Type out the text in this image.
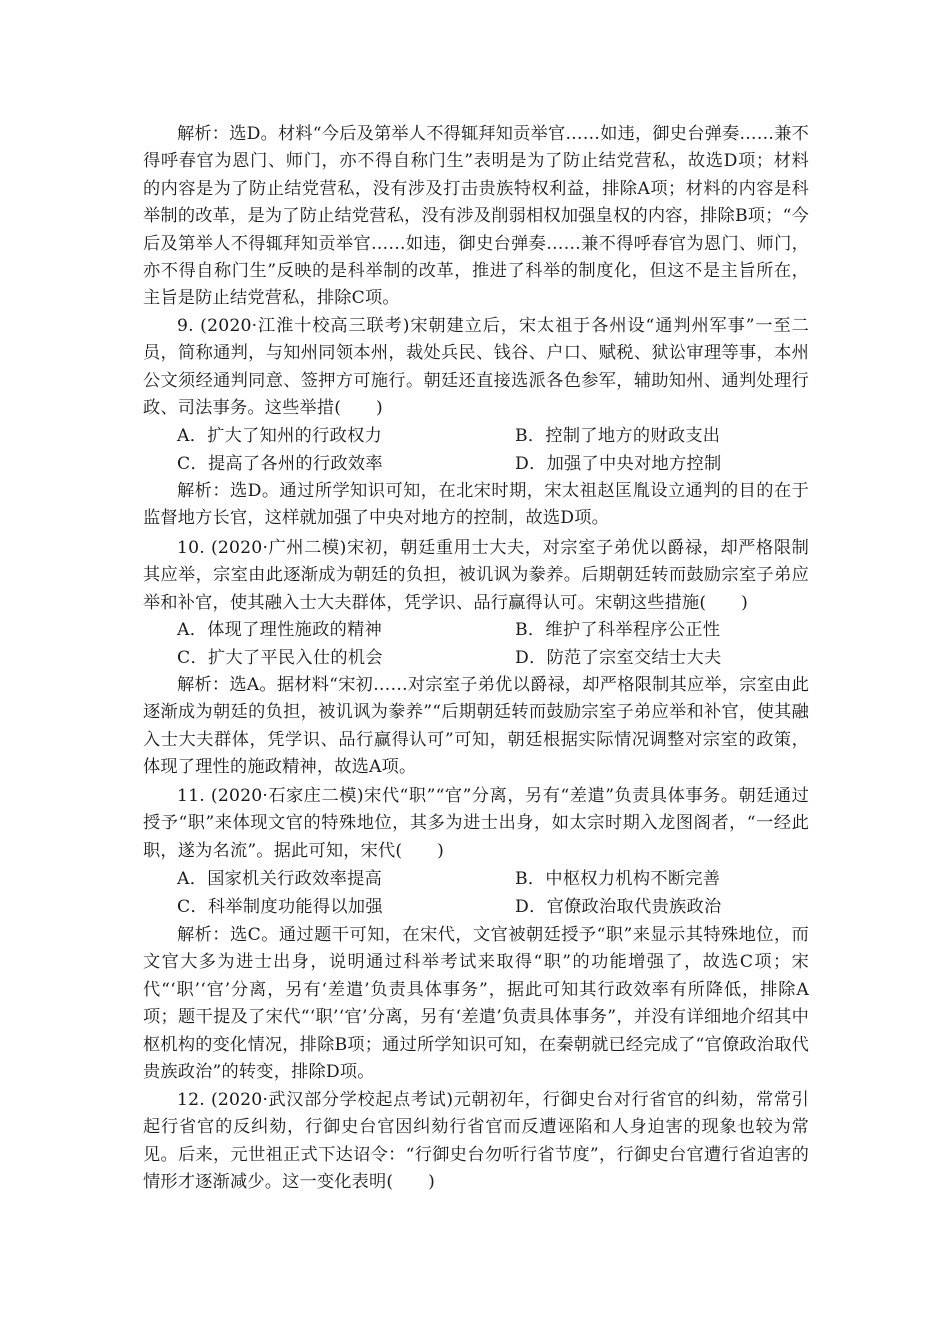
解析：选D。材料“今后及第举人不得辄拜知贡举官……如违，御史台弹奏……兼不得呼春官为恩门、师门，亦不得自称门生”表明是为了防止结党营私，故选D项；材料的内容是为了防止结党营私，没有涉及打击贵族特权利益，排除A项；材料的内容是科举制的改革，是为了防止结党营私，没有涉及削弱相权加强皇权的内容，排除B项；“今后及第举人不得辄拜知贡举官……如违，御史台弹奏……兼不得呼春官为恩门、师门，亦不得自称门生”反映的是科举制的改革，推进了科举的制度化，但这不是主旨所在，主旨是防止结党营私，排除C项。

9. (2020·江淮十校高三联考)宋朝建立后，宋太祖于各州设“通判州军事”一至二员，简称通判，与知州同领本州，裁处兵民、钱谷、户口、赋税、狱讼审理等事，本州公文须经通判同意、签押方可施行。朝廷还直接选派各色参军，辅助知州、通判处理行政、司法事务。这些举措(　　)

A．扩大了知州的行政权力	B．控制了地方的财政支出
C．提高了各州的行政效率	D．加强了中央对地方控制

解析：选D。通过所学知识可知，在北宋时期，宋太祖赵匡胤设立通判的目的在于监督地方长官，这样就加强了中央对地方的控制，故选D项。

10. (2020·广州二模)宋初，朝廷重用士大夫，对宗室子弟优以爵禄，却严格限制其应举，宗室由此逐渐成为朝廷的负担，被讥讽为豢养。后期朝廷转而鼓励宗室子弟应举和补官，使其融入士大夫群体，凭学识、品行赢得认可。宋朝这些措施(　　)

A．体现了理性施政的精神	B．维护了科举程序公正性
C．扩大了平民入仕的机会	D．防范了宗室交结士大夫

解析：选A。据材料“宋初……对宗室子弟优以爵禄，却严格限制其应举，宗室由此逐渐成为朝廷的负担，被讥讽为豢养”“后期朝廷转而鼓励宗室子弟应举和补官，使其融入士大夫群体，凭学识、品行赢得认可”可知，朝廷根据实际情况调整对宗室的政策，体现了理性的施政精神，故选A项。

11. (2020·石家庄二模)宋代“职”“官”分离，另有“差遣”负责具体事务。朝廷通过授予“职”来体现文官的特殊地位，其多为进士出身，如太宗时期入龙图阁者，“一经此职，遂为名流”。据此可知，宋代(　　)

A．国家机关行政效率提高	B．中枢权力机构不断完善
C．科举制度功能得以加强	D．官僚政治取代贵族政治

解析：选C。通过题干可知，在宋代，文官被朝廷授予“职”来显示其特殊地位，而文官大多为进士出身，说明通过科举考试来取得“职”的功能增强了，故选C项；宋代“‘职’‘官’分离，另有‘差遣’负责具体事务”，据此可知其行政效率有所降低，排除A项；题干提及了宋代“‘职’‘官’分离，另有‘差遣’负责具体事务”，并没有详细地介绍其中枢机构的变化情况，排除B项；通过所学知识可知，在秦朝就已经完成了“官僚政治取代贵族政治”的转变，排除D项。

12. (2020·武汉部分学校起点考试)元朝初年，行御史台对行省官的纠劾，常常引起行省官的反纠劾，行御史台官因纠劾行省官而反遭诬陷和人身迫害的现象也较为常见。后来，元世祖正式下达诏令：“行御史台勿听行省节度”，行御史台官遭行省迫害的情形才逐渐减少。这一变化表明(　　)
